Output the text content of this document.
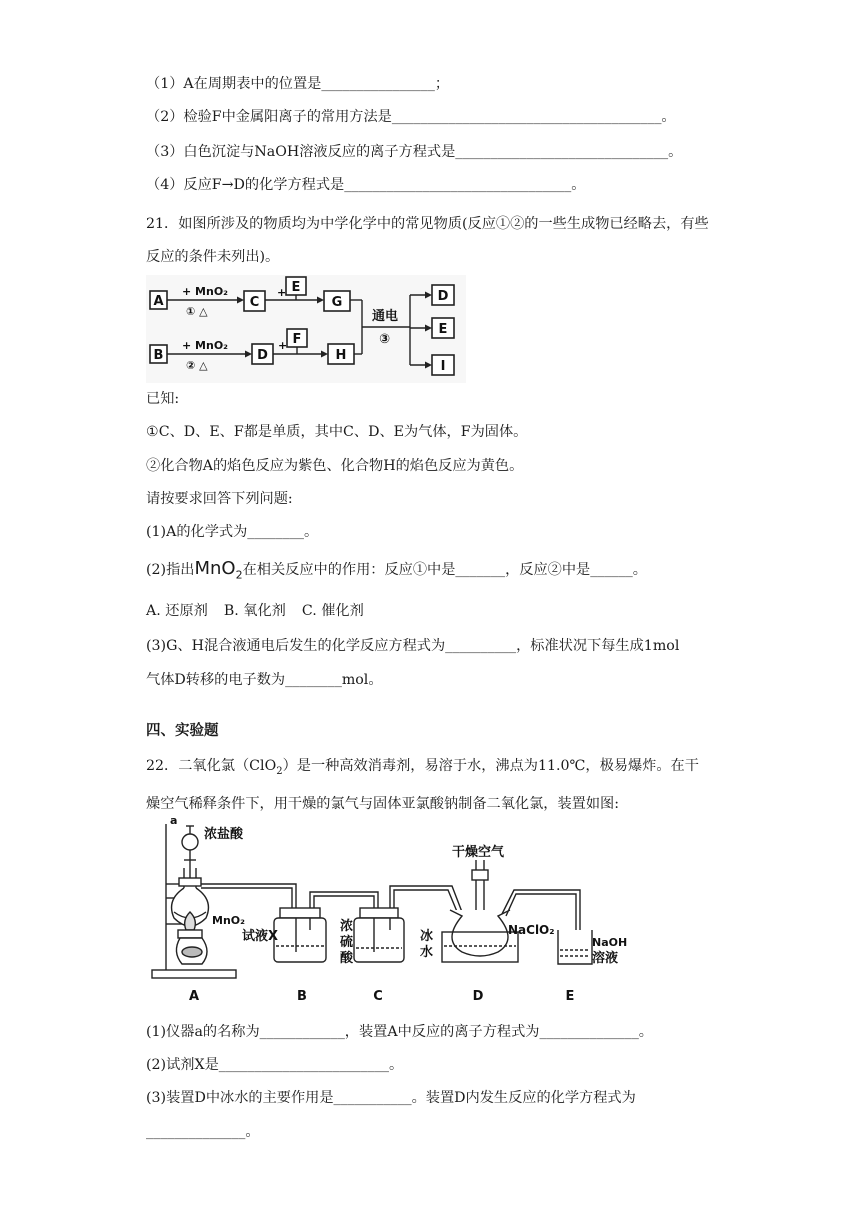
（1）A在周期表中的位置是________________；
（2）检验F中金属阳离子的常用方法是______________________________________。
（3）白色沉淀与NaOH溶液反应的离子方程式是______________________________。
（4）反应F→D的化学方程式是________________________________。
21．如图所涉及的物质均为中学化学中的常见物质(反应①②的一些生成物已经略去，有些反应的条件未列出)。
A	C
E
G
B	D
F
H
D
E
I
+ MnO₂
① △
+ MnO₂
② △
+
+
通电
③
已知:
①C、D、E、F都是单质，其中C、D、E为气体，F为固体。
②化合物A的焰色反应为紫色、化合物H的焰色反应为黄色。
请按要求回答下列问题:
(1)A的化学式为________。
(2)指出MnO$_2$在相关反应中的作用：反应①中是_______，反应②中是______。
A. 还原剂 B. 氧化剂 C. 催化剂
(3)G、H混合液通电后发生的化学反应方程式为__________，标准状况下每生成1mol
气体D转移的电子数为________mol。
四、实验题
22．二氧化氯（ClO$_2$）是一种高效消毒剂，易溶于水，沸点为11.0℃，极易爆炸。在干燥空气稀释条件下，用干燥的氯气与固体亚氯酸钠制备二氧化氯，装置如图:
a
浓盐酸
MnO₂
试液X
浓
硫
酸
干燥空气
冰
水
NaClO₂
NaOH
溶液
A	B	C	D	E
(1)仪器a的名称为____________，装置A中反应的离子方程式为______________。
(2)试剂X是________________________。
(3)装置D中冰水的主要作用是___________。装置D内发生反应的化学方程式为
______________。
